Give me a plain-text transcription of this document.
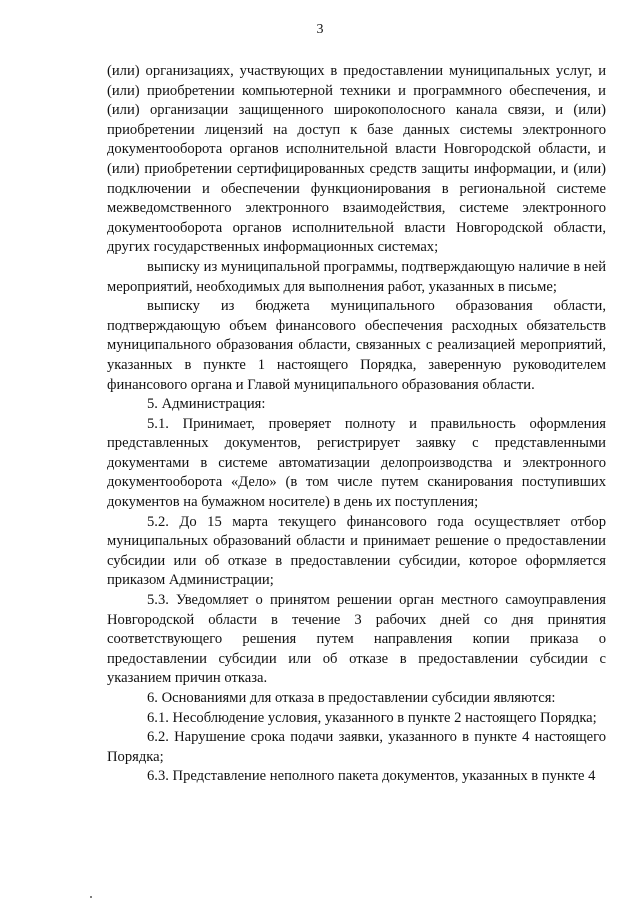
3

(или) организациях, участвующих в предоставлении муниципальных услуг, и (или) приобретении компьютерной техники и программного обеспечения, и (или) организации защищенного широкополосного канала связи, и (или) приобретении лицензий на доступ к базе данных системы электронного документооборота органов исполнительной власти Новгородской области, и (или) приобретении сертифицированных средств защиты информации, и (или) подключении и обеспечении функционирования в региональной системе межведомственного электронного взаимодействия, системе электронного документооборота органов исполнительной власти Новгородской области, других государственных информационных системах;

выписку из муниципальной программы, подтверждающую наличие в ней мероприятий, необходимых для выполнения работ, указанных в письме;

выписку из бюджета муниципального образования области, подтверждающую объем финансового обеспечения расходных обязательств муниципального образования области, связанных с реализацией мероприятий, указанных в пункте 1 настоящего Порядка, заверенную руководителем финансового органа и Главой муниципального образования области.

5. Администрация:

5.1. Принимает, проверяет полноту и правильность оформления представленных документов, регистрирует заявку с представленными документами в системе автоматизации делопроизводства и электронного документооборота «Дело» (в том числе путем сканирования поступивших документов на бумажном носителе) в день их поступления;

5.2. До 15 марта текущего финансового года осуществляет отбор муниципальных образований области и принимает решение о предоставлении субсидии или об отказе в предоставлении субсидии, которое оформляется приказом Администрации;

5.3. Уведомляет о принятом решении орган местного самоуправления Новгородской области в течение 3 рабочих дней со дня принятия соответствующего решения путем направления копии приказа о предоставлении субсидии или об отказе в предоставлении субсидии с указанием причин отказа.

6. Основаниями для отказа в предоставлении субсидии являются:

6.1. Несоблюдение условия, указанного в пункте 2 настоящего Порядка;

6.2. Нарушение срока подачи заявки, указанного в пункте 4 настоящего Порядка;

6.3. Представление неполного пакета документов, указанных в пункте 4
